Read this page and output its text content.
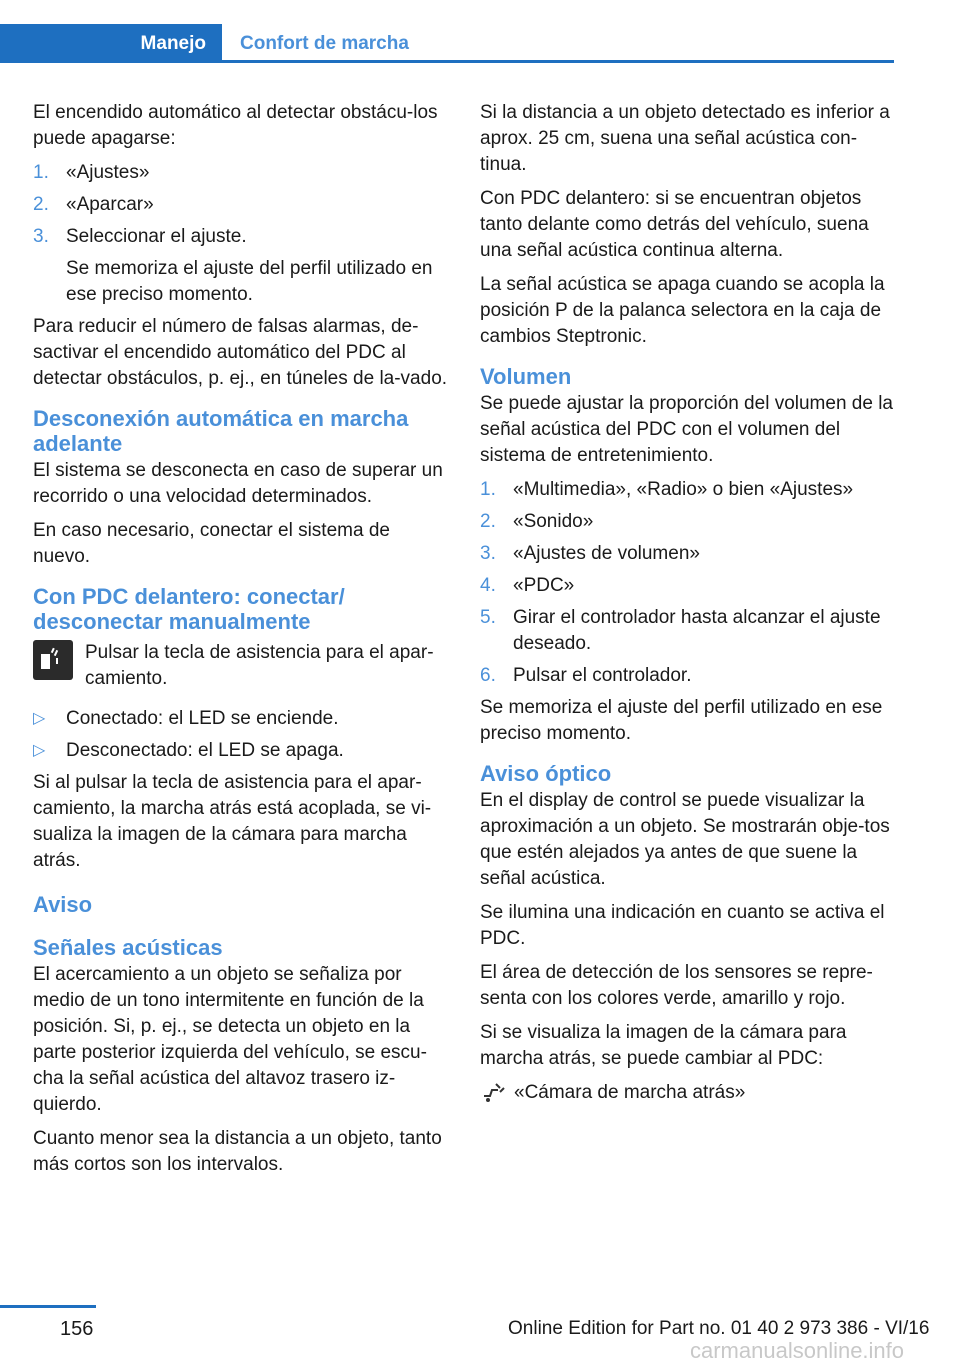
Manejo	Confort de marcha

El encendido automático al detectar obstácu-los puede apagarse:

1. «Ajustes»
2. «Aparcar»
3. Seleccionar el ajuste.
Se memoriza el ajuste del perfil utilizado en ese preciso momento.

Para reducir el número de falsas alarmas, de-sactivar el encendido automático del PDC al detectar obstáculos, p. ej., en túneles de la-vado.

Desconexión automática en marcha adelante

El sistema se desconecta en caso de superar un recorrido o una velocidad determinados.

En caso necesario, conectar el sistema de nuevo.

Con PDC delantero: conectar/ desconectar manualmente
Pulsar la tecla de asistencia para el apar-camiento.
▷ Conectado: el LED se enciende.
▷ Desconectado: el LED se apaga.

Si al pulsar la tecla de asistencia para el apar-camiento, la marcha atrás está acoplada, se vi-sualiza la imagen de la cámara para marcha atrás.

Aviso
Señales acústicas

El acercamiento a un objeto se señaliza por medio de un tono intermitente en función de la posición. Si, p. ej., se detecta un objeto en la parte posterior izquierda del vehículo, se escu-cha la señal acústica del altavoz trasero iz-quierdo.

Cuanto menor sea la distancia a un objeto, tanto más cortos son los intervalos.

Si la distancia a un objeto detectado es inferior a aprox. 25 cm, suena una señal acústica con-tinua.

Con PDC delantero: si se encuentran objetos tanto delante como detrás del vehículo, suena una señal acústica continua alterna.

La señal acústica se apaga cuando se acopla la posición P de la palanca selectora en la caja de cambios Steptronic.

Volumen

Se puede ajustar la proporción del volumen de la señal acústica del PDC con el volumen del sistema de entretenimiento.

1. «Multimedia», «Radio» o bien «Ajustes»
2. «Sonido»
3. «Ajustes de volumen»
4. «PDC»
5. Girar el controlador hasta alcanzar el ajuste deseado.
6. Pulsar el controlador.

Se memoriza el ajuste del perfil utilizado en ese preciso momento.

Aviso óptico

En el display de control se puede visualizar la aproximación a un objeto. Se mostrarán obje-tos que estén alejados ya antes de que suene la señal acústica.

Se ilumina una indicación en cuanto se activa el PDC.

El área de detección de los sensores se repre-senta con los colores verde, amarillo y rojo.

Si se visualiza la imagen de la cámara para marcha atrás, se puede cambiar al PDC:

«Cámara de marcha atrás»
156	Online Edition for Part no. 01 40 2 973 386 - VI/16
carmanualsonline.info
